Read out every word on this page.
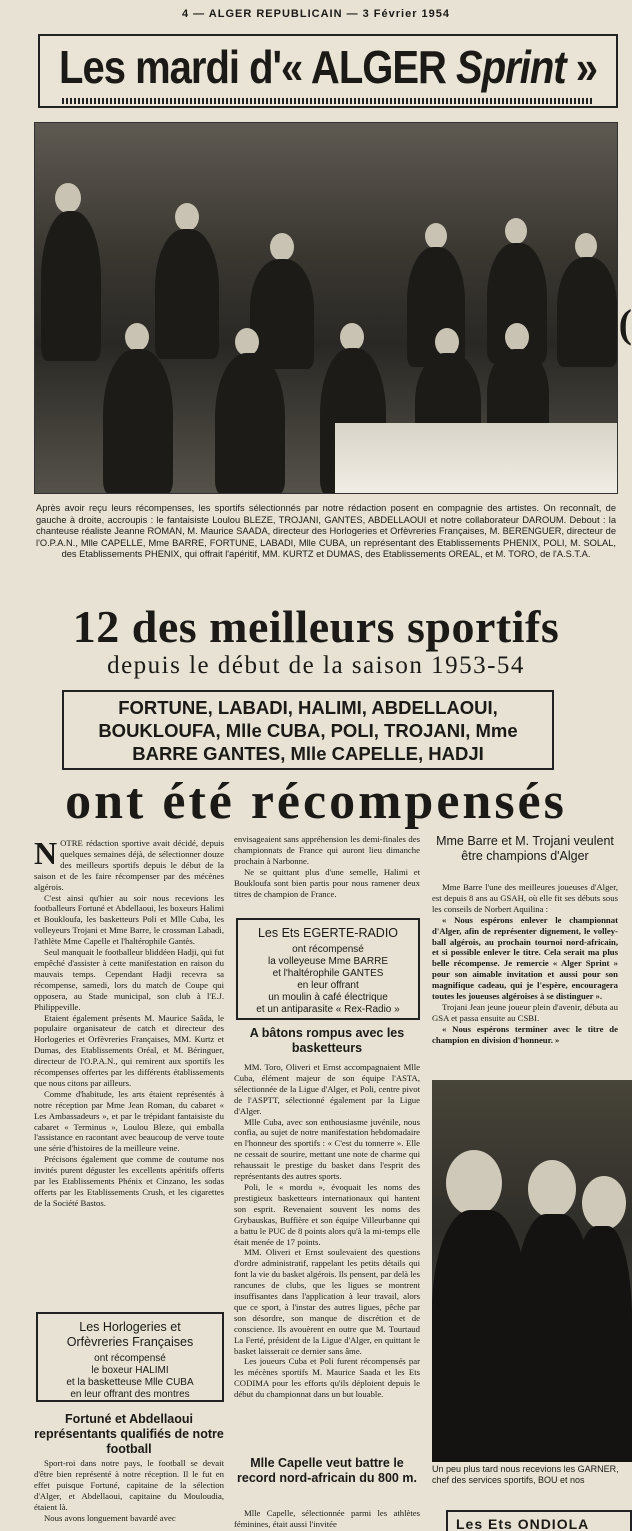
4 — ALGER REPUBLICAIN — 3 Février 1954
Les mardi d'« ALGER Sprint »
Après avoir reçu leurs récompenses, les sportifs sélectionnés par notre rédaction posent en compagnie des artistes. On reconnaît, de gauche à droite, accroupis : le fantaisiste Loulou BLEZE, TROJANI, GANTES, ABDELLAOUI et notre collaborateur DAROUM. Debout : la chanteuse réaliste Jeanne ROMAN, M. Maurice SAADA, directeur des Horlogeries et Orfèvreries Françaises, M. BERENGUER, directeur de l'O.P.A.N., Mlle CAPELLE, Mme BARRE, FORTUNE, LABADI, Mlle CUBA, un représentant des Etablissements PHENIX, POLI, M. SOLAL, des Etablissements PHENIX, qui offrait l'apéritif, MM. KURTZ et DUMAS, des Etablissements OREAL, et M. TORO, de l'A.S.T.A.
12 des meilleurs sportifs
depuis le début de la saison 1953-54
FORTUNE, LABADI, HALIMI, ABDELLAOUI, BOUKLOUFA, Mlle CUBA, POLI, TROJANI, Mme BARRE GANTES, Mlle CAPELLE, HADJI
ont été récompensés
N OTRE rédaction sportive avait décidé, depuis quelques semaines déjà, de sélectionner douze des meilleurs sportifs depuis le début de la saison et de les faire récompenser par des mécènes algérois.

C'est ainsi qu'hier au soir nous recevions les footballeurs Fortuné et Abdellaoui, les boxeurs Halimi et Boukloufa, les basketteurs Poli et Mlle Cuba, les volleyeurs Trojani et Mme Barre, le crossman Labadi, l'athlète Mme Capelle et l'haltérophile Gantès.

Seul manquait le footballeur bliddéen Hadji, qui fut empêché d'assister à cette manifestation en raison du mauvais temps. Cependant Hadji recevra sa récompense, samedi, lors du match de Coupe qui opposera, au Stade municipal, son club à l'E.J. Philippeville.

Etaient également présents M. Maurice Saâda, le populaire organisateur de catch et directeur des Horlogeries et Orfèvreries Françaises, MM. Kurtz et Dumas, des Etablissements Oréal, et M. Béringuer, directeur de l'O.P.A.N., qui remirent aux sportifs les récompenses offertes par les différents établissements que nous citons par ailleurs.

Comme d'habitude, les arts étaient représentés à notre réception par Mme Jean Roman, du cabaret « Les Ambassadeurs », et par le trépidant fantaisiste du cabaret « Terminus », Loulou Bleze, qui emballa l'assistance en racontant avec beaucoup de verve toute une série d'histoires de la meilleure veine.

Précisons également que comme de coutume nos invités purent déguster les excellents apéritifs offerts par les Etablissements Phénix et Cinzano, les sodas offerts par les Etablissements Crush, et les cigarettes de la Société Bastos.

Les Horlogeries et
Orfèvreries Françaises
ont récompensé
le boxeur HALIMI
et la basketteuse Mlle CUBA
en leur offrant des montres
Fortuné et Abdellaoui représentants qualifiés de notre football

Sport-roi dans notre pays, le football se devait d'être bien représenté à notre réception. Il le fut en effet puisque Fortuné, capitaine de la sélection d'Alger, et Abdellaoui, capitaine du Mouloudia, étaient là.

Nous avons longuement bavardé avec

envisageaient sans appréhension les demi-finales des championnats de France qui auront lieu dimanche prochain à Narbonne.

Ne se quittant plus d'une semelle, Halimi et Boukloufa sont bien partis pour nous ramener deux titres de champion de France.

Les Ets EGERTE-RADIO
ont récompensé
la volleyeuse Mme BARRE
et l'haltérophile GANTES
en leur offrant
un moulin à café électrique
et un antiparasite « Rex-Radio »
A bâtons rompus avec les basketteurs

MM. Toro, Oliveri et Ernst accompagnaient Mlle Cuba, élément majeur de son équipe l'ASTA, sélectionnée de la Ligue d'Alger, et Poli, centre pivot de l'ASPTT, sélectionné également par la Ligue d'Alger.

Mlle Cuba, avec son enthousiasme juvénile, nous confia, au sujet de notre manifestation hebdomadaire en l'honneur des sportifs : « C'est du tonnerre ». Elle ne cessait de sourire, mettant une note de charme qui rehaussait le prestige du basket dans l'esprit des représentants des autres sports.

Poli, le « mordu », évoquait les noms des prestigieux basketteurs internationaux qui hantent son esprit. Revenaient souvent les noms des Grybauskas, Buffière et son équipe Villeurbanne qui a battu le PUC de 8 points alors qu'à la mi-temps elle était menée de 17 points.

MM. Oliveri et Ernst soulevaient des questions d'ordre administratif, rappelant les petits détails qui font la vie du basket algérois. Ils pensent, par delà les rancunes de clubs, que les ligues se montrent insuffisantes dans l'application à leur travail, alors que ce sport, à l'instar des autres ligues, pêche par son désordre, son manque de discrétion et de conscience. Ils avouèrent en outre que M. Tourtaud La Ferté, président de la Ligue d'Alger, en quittant le basket laisserait ce dernier sans âme.

Les joueurs Cuba et Poli furent récompensés par les mécènes sportifs M. Maurice Saada et les Ets CODIMA pour les efforts qu'ils déploient depuis le début du championnat dans un but louable.

Mlle Capelle veut battre le record nord-africain du 800 m.

Mlle Capelle, sélectionnée parmi les athlètes féminines, était aussi l'invitée

Mme Barre et M. Trojani veulent être champions d'Alger

Mme Barre l'une des meilleures joueuses d'Alger, est depuis 8 ans au GSAH, où elle fit ses débuts sous les conseils de Norbert Aquilina :

« Nous espérons enlever le championnat d'Alger, afin de représenter dignement, le volley-ball algérois, au prochain tournoi nord-africain, et si possible enlever le titre. Cela serait ma plus belle récompense. Je remercie « Alger Sprint » pour son aimable invitation et aussi pour son magnifique cadeau, qui je l'espère, encouragera toutes les joueuses algéroises à se distinguer ».

Trojani Jean jeune joueur plein d'avenir, débuta au GSA et passa ensuite au CSBI.

« Nous espérons terminer avec le titre de champion en division d'honneur. »

Un peu plus tard nous recevions les GARNER, chef des services sportifs, BOU et nos
Les Ets ONDIOLA
(
